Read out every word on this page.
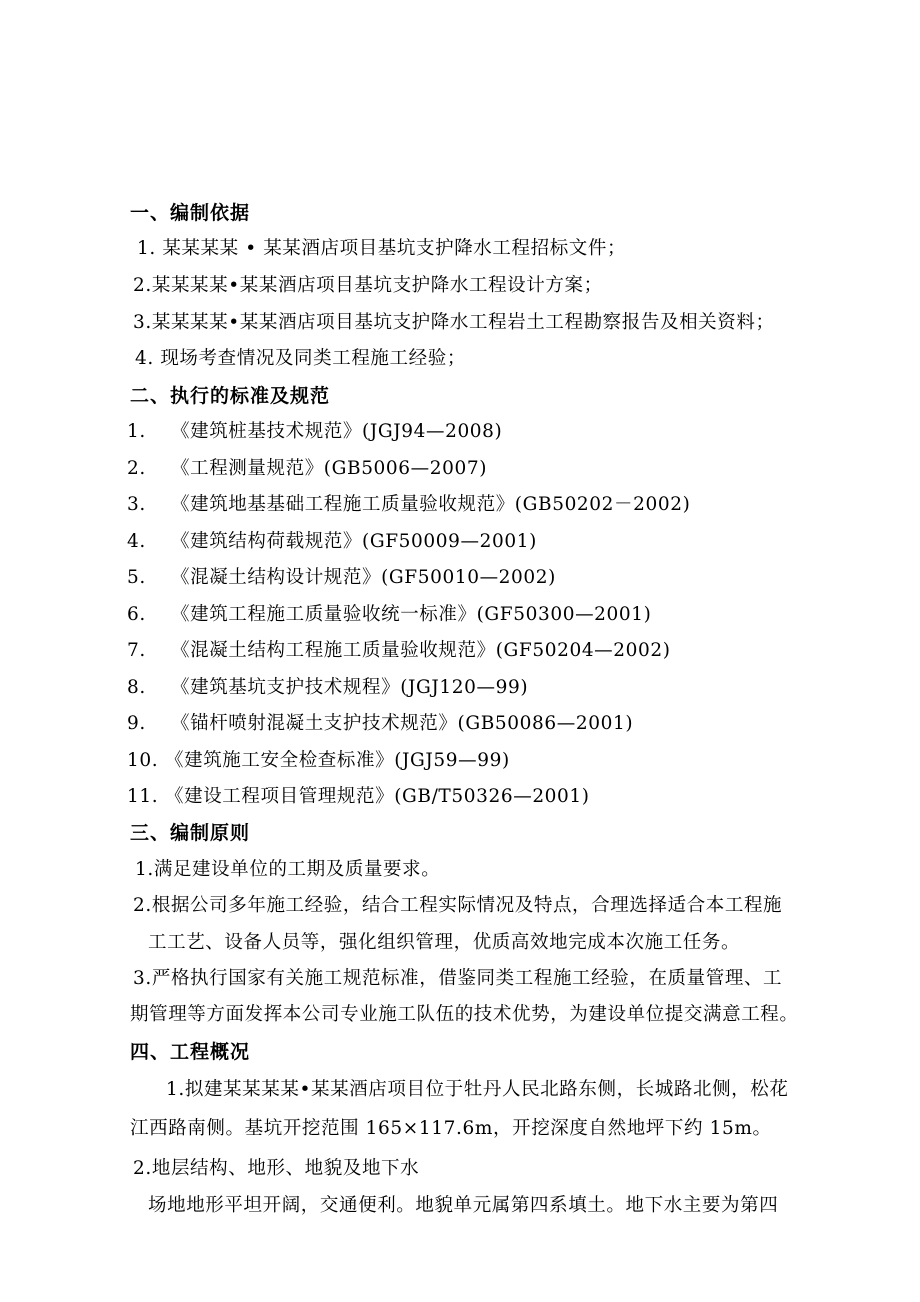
一、编制依据
1. 某某某某 • 某某酒店项目基坑支护降水工程招标文件；
2.某某某某•某某酒店项目基坑支护降水工程设计方案；
3.某某某某•某某酒店项目基坑支护降水工程岩土工程勘察报告及相关资料；
4. 现场考查情况及同类工程施工经验；
二、执行的标准及规范
1. 《建筑桩基技术规范》(JGJ94—2008)
2. 《工程测量规范》(GB5006—2007)
3. 《建筑地基基础工程施工质量验收规范》(GB50202－2002)
4. 《建筑结构荷载规范》(GF50009—2001)
5. 《混凝土结构设计规范》(GF50010—2002)
6. 《建筑工程施工质量验收统一标准》(GF50300—2001)
7. 《混凝土结构工程施工质量验收规范》(GF50204—2002)
8. 《建筑基坑支护技术规程》(JGJ120—99)
9. 《锚杆喷射混凝土支护技术规范》(GB50086—2001)
10. 《建筑施工安全检查标准》(JGJ59—99)
11. 《建设工程项目管理规范》(GB/T50326—2001)
三、编制原则
1.满足建设单位的工期及质量要求。
2.根据公司多年施工经验，结合工程实际情况及特点，合理选择适合本工程施
工工艺、设备人员等，强化组织管理，优质高效地完成本次施工任务。
3.严格执行国家有关施工规范标准，借鉴同类工程施工经验，在质量管理、工
期管理等方面发挥本公司专业施工队伍的技术优势，为建设单位提交满意工程。
四、工程概况
1.拟建某某某某•某某酒店项目位于牡丹人民北路东侧，长城路北侧，松花
江西路南侧。基坑开挖范围 165×117.6m，开挖深度自然地坪下约 15m。
2.地层结构、地形、地貌及地下水
场地地形平坦开阔，交通便利。地貌单元属第四系填土。地下水主要为第四
